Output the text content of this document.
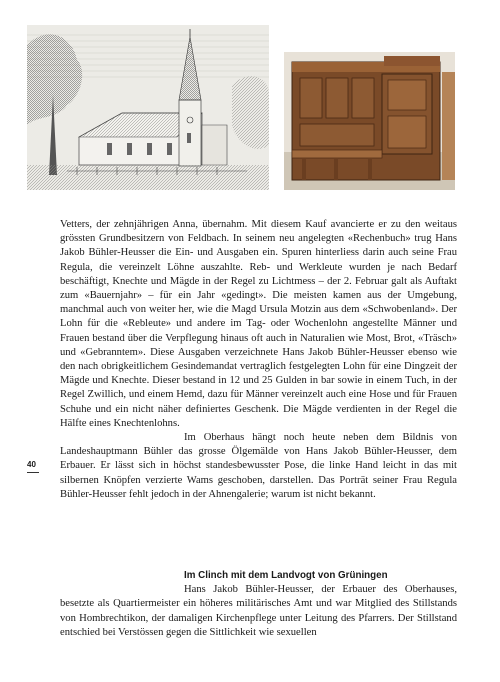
Vetters, der zehnjährigen Anna, übernahm. Mit diesem Kauf avancierte er zu den weitaus grössten Grundbesitzern von Feldbach. In seinem neu angelegten «Rechenbuch» trug Hans Jakob Bühler-Heusser die Ein- und Ausgaben ein. Spuren hinterliess darin auch seine Frau Regula, die vereinzelt Löhne auszahlte. Reb- und Werkleute wurden je nach Bedarf beschäftigt, Knechte und Mägde in der Regel zu Lichtmess – der 2. Februar galt als Auftakt zum «Bauernjahr» – für ein Jahr «gedingt». Die meisten kamen aus der Umgebung, manchmal auch von weiter her, wie die Magd Ursula Motzin aus dem «Schwobenland». Der Lohn für die «Rebleute» und andere im Tag- oder Wochenlohn angestellte Männer und Frauen bestand über die Verpflegung hinaus oft auch in Naturalien wie Most, Brot, «Träsch» und «Gebranntem». Diese Ausgaben verzeichnete Hans Jakob Bühler-Heusser ebenso wie den nach obrigkeitlichem Gesindemandat vertraglich festgelegten Lohn für eine Dingzeit der Mägde und Knechte. Dieser bestand in 12 und 25 Gulden in bar sowie in einem Tuch, in der Regel Zwillich, und einem Hemd, dazu für Männer vereinzelt auch eine Hose und für Frauen Schuhe und ein nicht näher definiertes Geschenk. Die Mägde verdienten in der Regel die Hälfte eines Knechtenlohns.

Im Oberhaus hängt noch heute neben dem Bildnis von Landeshauptmann Bühler das grosse Ölgemälde von Hans Jakob Bühler-Heusser, dem Erbauer. Er lässt sich in höchst standesbewusster Pose, die linke Hand leicht in das mit silbernen Knöpfen verzierte Wams geschoben, darstellen. Das Porträt seiner Frau Regula Bühler-Heusser fehlt jedoch in der Ahnengalerie; warum ist nicht bekannt.

40
Im Clinch mit dem Landvogt von Grüningen

Hans Jakob Bühler-Heusser, der Erbauer des Oberhauses, besetzte als Quartiermeister ein höheres militärisches Amt und war Mitglied des Stillstands von Hombrechtikon, der damaligen Kirchenpflege unter Leitung des Pfarrers. Der Stillstand entschied bei Verstössen gegen die Sittlichkeit wie sexuellen
